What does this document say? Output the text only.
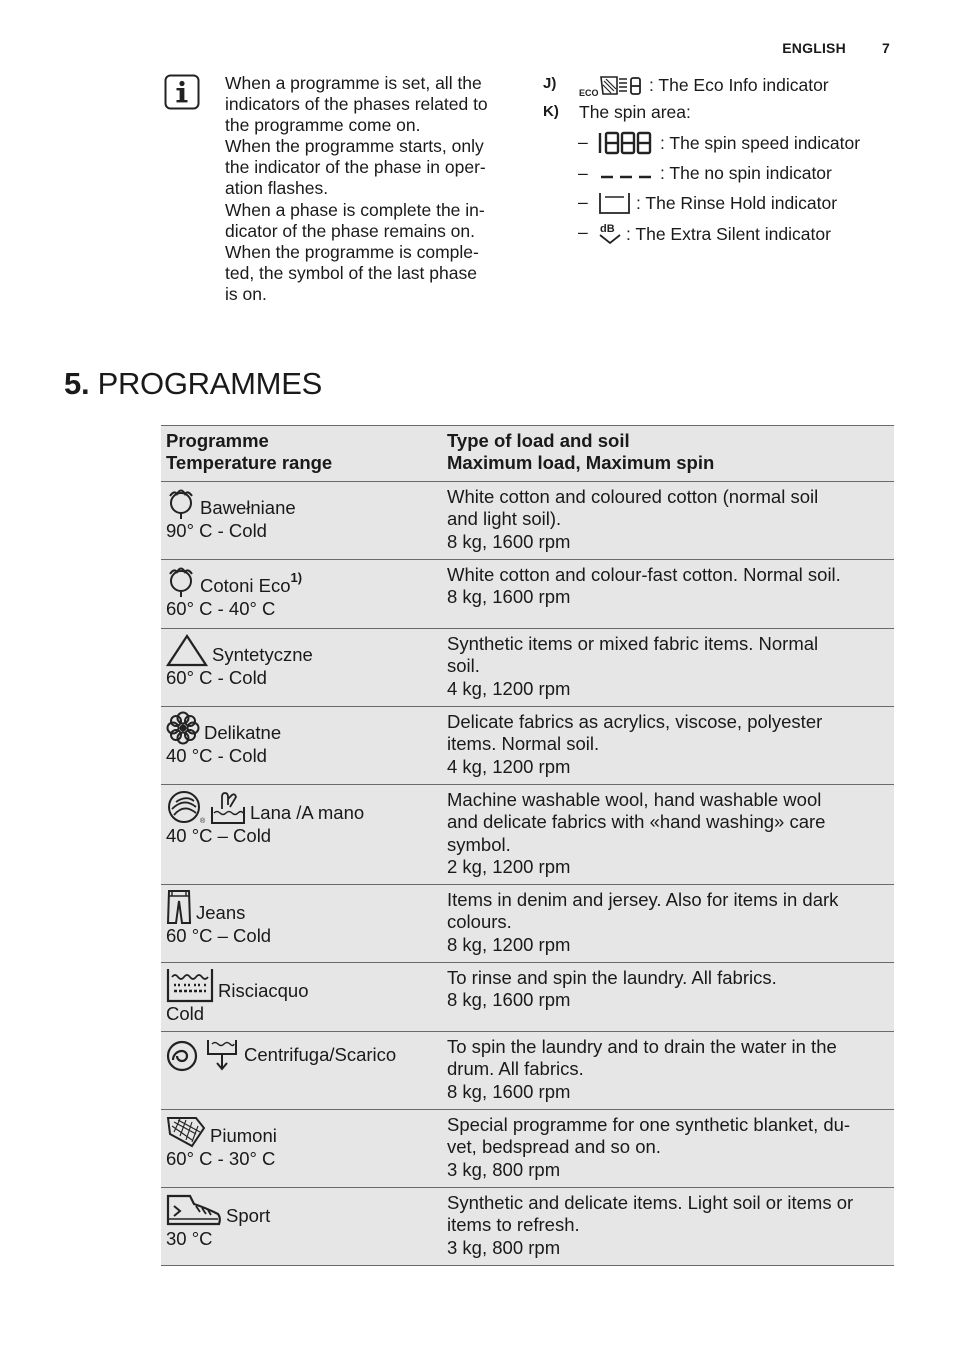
ENGLISH	7
When a programme is set, all the
indicators of the phases related to
the programme come on.
When the programme starts, only
the indicator of the phase in oper-
ation flashes.
When a phase is complete the in-
dicator of the phase remains on.
When the programme is comple-
ted, the symbol of the last phase
is on.
J)
ECO	: The Eco Info indicator
K) The spin area:
–	: The spin speed indicator
–	: The no spin indicator
–	: The Rinse Hold indicator
– dB : The Extra Silent indicator
5. PROGRAMMES
Programme
Temperature range	Type of load and soil
Maximum load, Maximum spin

Bawełniane
90° C - Cold	White cotton and coloured cotton (normal soil
and light soil).
8 kg, 1600 rpm

Cotoni Eco 1)
60° C - 40° C	White cotton and colour-fast cotton. Normal soil.
8 kg, 1600 rpm

Syntetyczne
60° C - Cold	Synthetic items or mixed fabric items. Normal
soil.
4 kg, 1200 rpm

Delikatne
40 °C - Cold	Delicate fabrics as acrylics, viscose, polyester
items. Normal soil.
4 kg, 1200 rpm

® Lana /A mano
40 °C – Cold	Machine washable wool, hand washable wool
and delicate fabrics with «hand washing» care
symbol.
2 kg, 1200 rpm

Jeans
60 °C – Cold	Items in denim and jersey. Also for items in dark
colours.
8 kg, 1200 rpm

Risciacquo
Cold	To rinse and spin the laundry. All fabrics.
8 kg, 1600 rpm

Centrifuga/Scarico	To spin the laundry and to drain the water in the
drum. All fabrics.
8 kg, 1600 rpm

Piumoni
60° C - 30° C	Special programme for one synthetic blanket, du-
vet, bedspread and so on.
3 kg, 800 rpm

Sport
30 °C	Synthetic and delicate items. Light soil or items or
items to refresh.
3 kg, 800 rpm
